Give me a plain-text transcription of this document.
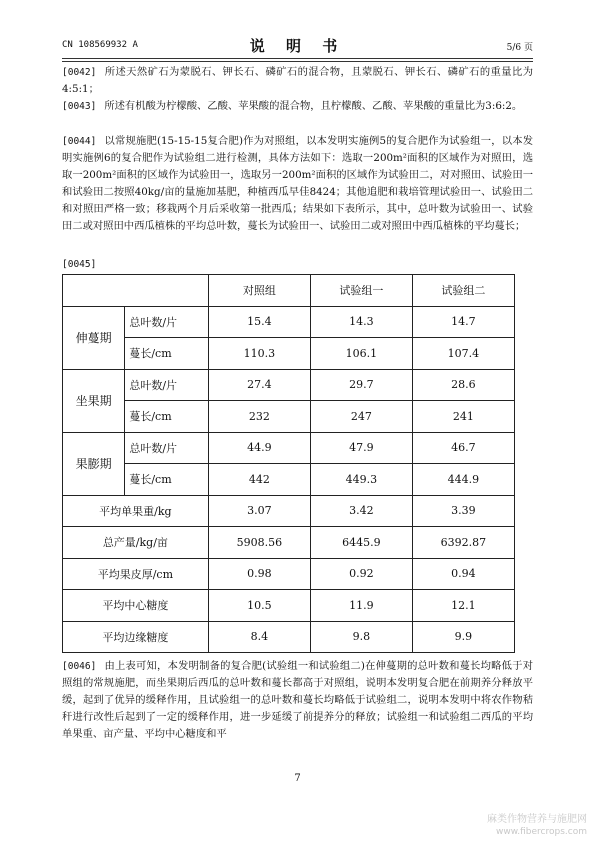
CN 108569932 A	说 明 书	5/6 页
[0042] 所述天然矿石为蒙脱石、钾长石、磷矿石的混合物，且蒙脱石、钾长石、磷矿石的重量比为4:5:1；
[0043] 所述有机酸为柠檬酸、乙酸、苹果酸的混合物，且柠檬酸、乙酸、苹果酸的重量比为3:6:2。
[0044] 以常规施肥(15-15-15复合肥)作为对照组，以本发明实施例5的复合肥作为试验组一，以本发明实施例6的复合肥作为试验组二进行检测，具体方法如下：选取一200m²面积的区域作为对照田，选取一200m²面积的区域作为试验田一，选取另一200m²面积的区域作为试验田二，对对照田、试验田一和试验田二按照40kg/亩的量施加基肥，种植西瓜早佳8424；其他追肥和栽培管理试验田一、试验田二和对照田严格一致；移栽两个月后采收第一批西瓜；结果如下表所示，其中，总叶数为试验田一、试验田二或对照田中西瓜植株的平均总叶数，蔓长为试验田一、试验田二或对照田中西瓜植株的平均蔓长；
[0045]
		对照组	试验组一	试验组二
伸蔓期	总叶数/片	15.4	14.3	14.7
	蔓长/cm	110.3	106.1	107.4
坐果期	总叶数/片	27.4	29.7	28.6
	蔓长/cm	232	247	241
果膨期	总叶数/片	44.9	47.9	46.7
	蔓长/cm	442	449.3	444.9
平均单果重/kg		3.07	3.42	3.39
总产量/kg/亩		5908.56	6445.9	6392.87
平均果皮厚/cm		0.98	0.92	0.94
平均中心糖度		10.5	11.9	12.1
平均边缘糖度		8.4	9.8	9.9
[0046] 由上表可知，本发明制备的复合肥(试验组一和试验组二)在伸蔓期的总叶数和蔓长均略低于对照组的常规施肥，而坐果期后西瓜的总叶数和蔓长都高于对照组，说明本发明复合肥在前期养分释放平缓，起到了优异的缓释作用，且试验组一的总叶数和蔓长均略低于试验组二，说明本发明中将农作物秸秆进行改性后起到了一定的缓释作用，进一步延缓了前提养分的释放；试验组一和试验组二西瓜的平均单果重、亩产量、平均中心糖度和平
7
麻类作物营养与施肥网
www.fibercrops.com
